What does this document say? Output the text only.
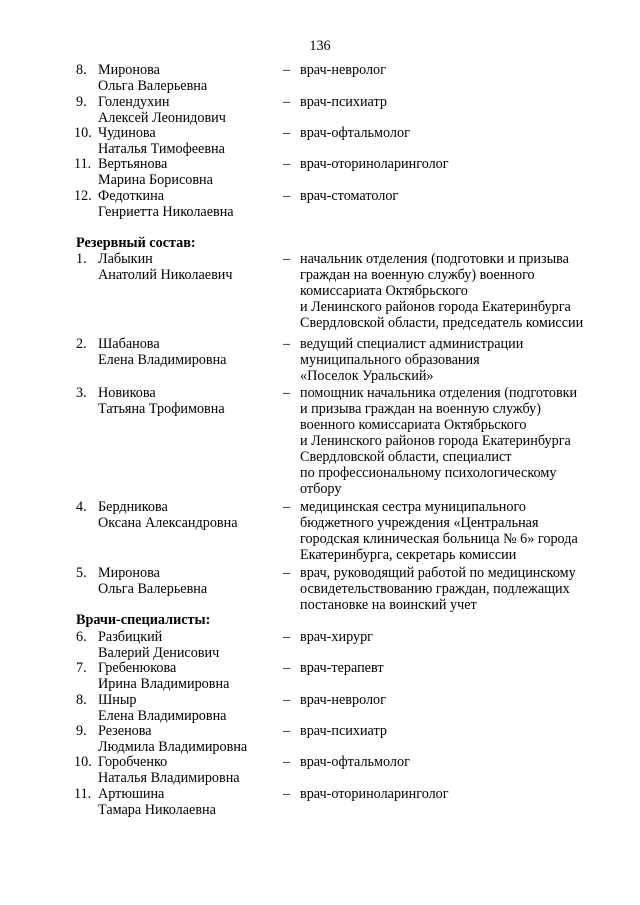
136
8. Миронова
Ольга Валерьевна
– врач-невролог
9. Голендухин
Алексей Леонидович
– врач-психиатр
10. Чудинова
Наталья Тимофеевна
– врач-офтальмолог
11. Вертьянова
Марина Борисовна
– врач-оториноларинголог
12. Федоткина
Генриетта Николаевна
– врач-стоматолог
Резервный состав:
1. Лабыкин
Анатолий Николаевич
– начальник отделения (подготовки и призыва
граждан на военную службу) военного
комиссариата Октябрьского
и Ленинского районов города Екатеринбурга
Свердловской области, председатель комиссии
2. Шабанова
Елена Владимировна
– ведущий специалист администрации
муниципального образования
«Поселок Уральский»
3. Новикова
Татьяна Трофимовна
– помощник начальника отделения (подготовки
и призыва граждан на военную службу)
военного комиссариата Октябрьского
и Ленинского районов города Екатеринбурга
Свердловской области, специалист
по профессиональному психологическому
отбору
4. Бердникова
Оксана Александровна
– медицинская сестра муниципального
бюджетного учреждения «Центральная
городская клиническая больница № 6» города
Екатеринбурга, секретарь комиссии
5. Миронова
Ольга Валерьевна
– врач, руководящий работой по медицинскому
освидетельствованию граждан, подлежащих
постановке на воинский учет
Врачи-специалисты:
6. Разбицкий
Валерий Денисович
– врач-хирург
7. Гребенюкова
Ирина Владимировна
– врач-терапевт
8. Шныр
Елена Владимировна
– врач-невролог
9. Резенова
Людмила Владимировна
– врач-психиатр
10. Горобченко
Наталья Владимировна
– врач-офтальмолог
11. Артюшина
Тамара Николаевна
– врач-оториноларинголог
